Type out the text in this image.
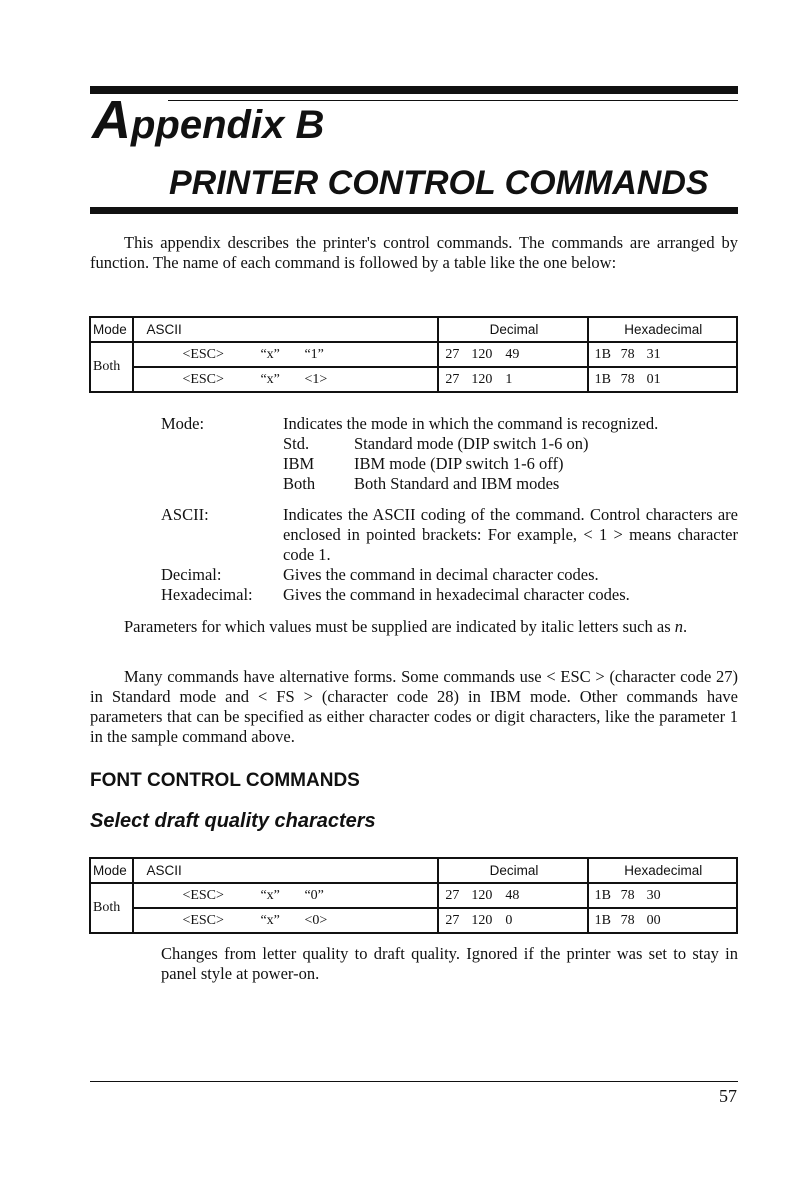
Appendix B
PRINTER CONTROL COMMANDS
This appendix describes the printer's control commands. The commands are arranged by function. The name of each command is followed by a table like the one below:
Mode	ASCII	Decimal	Hexadecimal
Both	<ESC> “x” “1”	27 120 49	1B 78 31
	<ESC> “x” <1>	27 120 1	1B 78 01
Mode:	Indicates the mode in which the command is recognized.
Std.	Standard mode (DIP switch 1-6 on)
IBM IBM mode (DIP switch 1-6 off)
Both Both Standard and IBM modes
ASCII:	Indicates the ASCII coding of the command. Control characters are enclosed in pointed brackets: For example, < 1 > means character code 1.
Decimal:	Gives the command in decimal character codes.
Hexadecimal: Gives the command in hexadecimal character codes.
Parameters for which values must be supplied are indicated by italic letters such as n.
Many commands have alternative forms. Some commands use < ESC > (character code 27) in Standard mode and < FS > (character code 28) in IBM mode. Other commands have parameters that can be specified as either character codes or digit characters, like the parameter 1 in the sample command above.
FONT CONTROL COMMANDS
Select draft quality characters
Mode	ASCII	Decimal	Hexadecimal
Both	<ESC> “x” “0”	27 120 48	1B 78 30
	<ESC> “x” <0>	27 120 0	1B 78 00
Changes from letter quality to draft quality. Ignored if the printer was set to stay in panel style at power-on.
57
